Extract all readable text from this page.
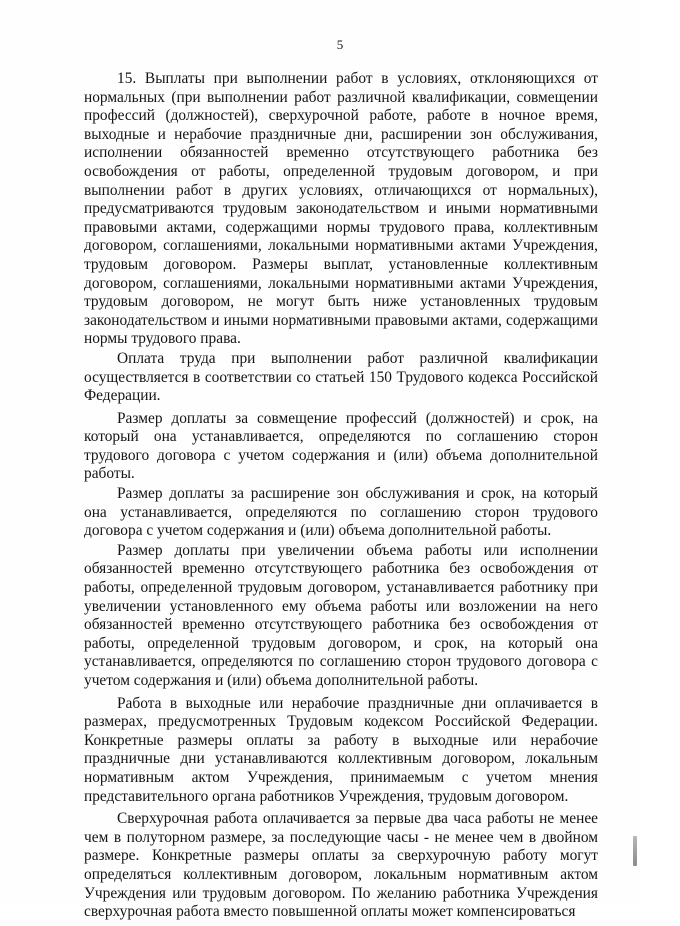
5

15. Выплаты при выполнении работ в условиях, отклоняющихся от нормальных (при выполнении работ различной квалификации, совмещении профессий (должностей), сверхурочной работе, работе в ночное время, выходные и нерабочие праздничные дни, расширении зон обслуживания, исполнении обязанностей временно отсутствующего работника без освобождения от работы, определенной трудовым договором, и при выполнении работ в других условиях, отличающихся от нормальных), предусматриваются трудовым законодательством и иными нормативными правовыми актами, содержащими нормы трудового права, коллективным договором, соглашениями, локальными нормативными актами Учреждения, трудовым договором. Размеры выплат, установленные коллективным договором, соглашениями, локальными нормативными актами Учреждения, трудовым договором, не могут быть ниже установленных трудовым законодательством и иными нормативными правовыми актами, содержащими нормы трудового права.

Оплата труда при выполнении работ различной квалификации осуществляется в соответствии со статьей 150 Трудового кодекса Российской Федерации.

Размер доплаты за совмещение профессий (должностей) и срок, на который она устанавливается, определяются по соглашению сторон трудового договора с учетом содержания и (или) объема дополнительной работы.

Размер доплаты за расширение зон обслуживания и срок, на который она устанавливается, определяются по соглашению сторон трудового договора с учетом содержания и (или) объема дополнительной работы.

Размер доплаты при увеличении объема работы или исполнении обязанностей временно отсутствующего работника без освобождения от работы, определенной трудовым договором, устанавливается работнику при увеличении установленного ему объема работы или возложении на него обязанностей временно отсутствующего работника без освобождения от работы, определенной трудовым договором, и срок, на который она устанавливается, определяются по соглашению сторон трудового договора с учетом содержания и (или) объема дополнительной работы.

Работа в выходные или нерабочие праздничные дни оплачивается в размерах, предусмотренных Трудовым кодексом Российской Федерации. Конкретные размеры оплаты за работу в выходные или нерабочие праздничные дни устанавливаются коллективным договором, локальным нормативным актом Учреждения, принимаемым с учетом мнения представительного органа работников Учреждения, трудовым договором.

Сверхурочная работа оплачивается за первые два часа работы не менее чем в полуторном размере, за последующие часы - не менее чем в двойном размере. Конкретные размеры оплаты за сверхурочную работу могут определяться коллективным договором, локальным нормативным актом Учреждения или трудовым договором. По желанию работника Учреждения сверхурочная работа вместо повышенной оплаты может компенсироваться
